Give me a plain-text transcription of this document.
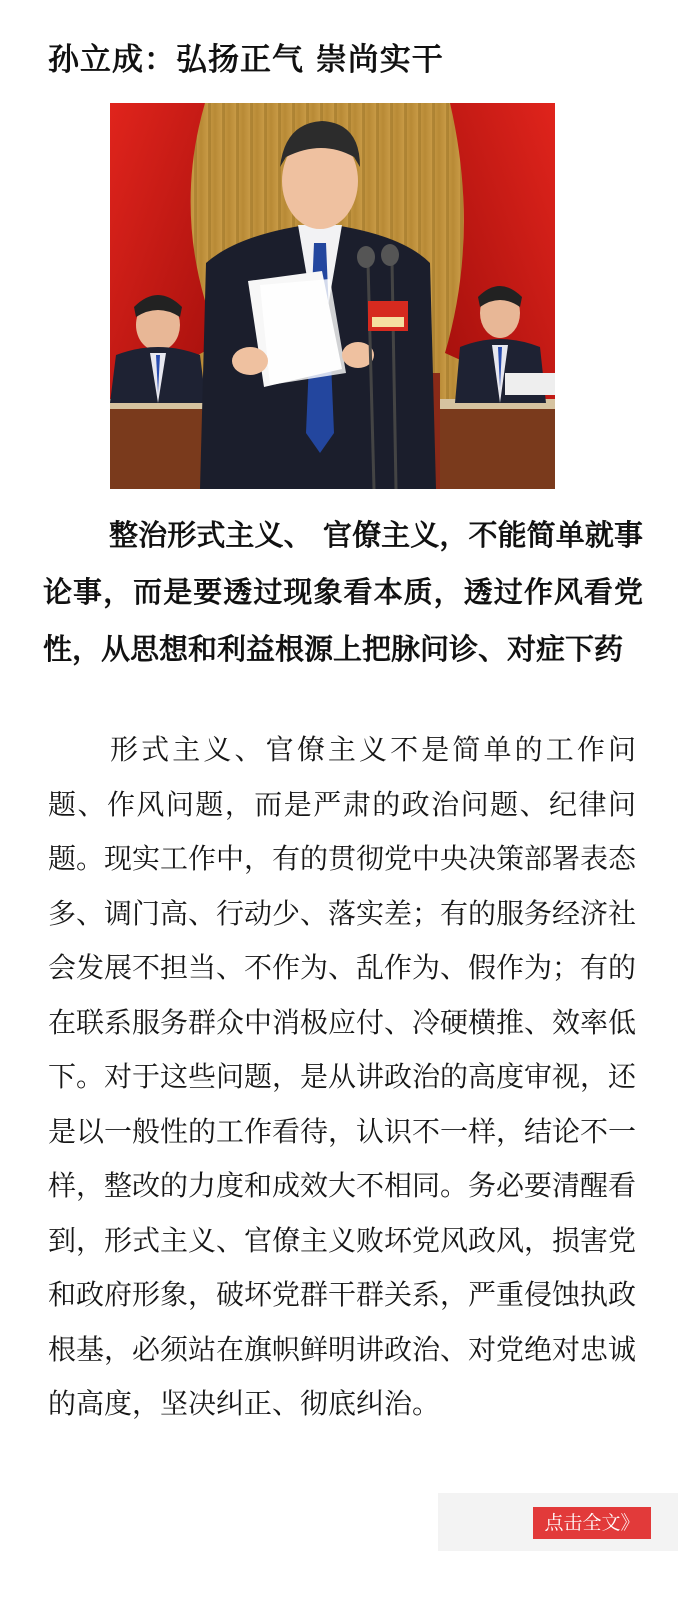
孙立成：弘扬正气 崇尚实干
整治形式主义、 官僚主义，不能简单就事论事，而是要透过现象看本质，透过作风看党性，从思想和利益根源上把脉问诊、对症下药
形式主义、官僚主义不是简单的工作问题、作风问题，而是严肃的政治问题、纪律问题。现实工作中，有的贯彻党中央决策部署表态多、调门高、行动少、落实差；有的服务经济社会发展不担当、不作为、乱作为、假作为；有的在联系服务群众中消极应付、冷硬横推、效率低下。对于这些问题，是从讲政治的高度审视，还是以一般性的工作看待，认识不一样，结论不一样，整改的力度和成效大不相同。务必要清醒看到，形式主义、官僚主义败坏党风政风，损害党和政府形象，破坏党群干群关系，严重侵蚀执政根基，必须站在旗帜鲜明讲政治、对党绝对忠诚的高度，坚决纠正、彻底纠治。
点击全文》
